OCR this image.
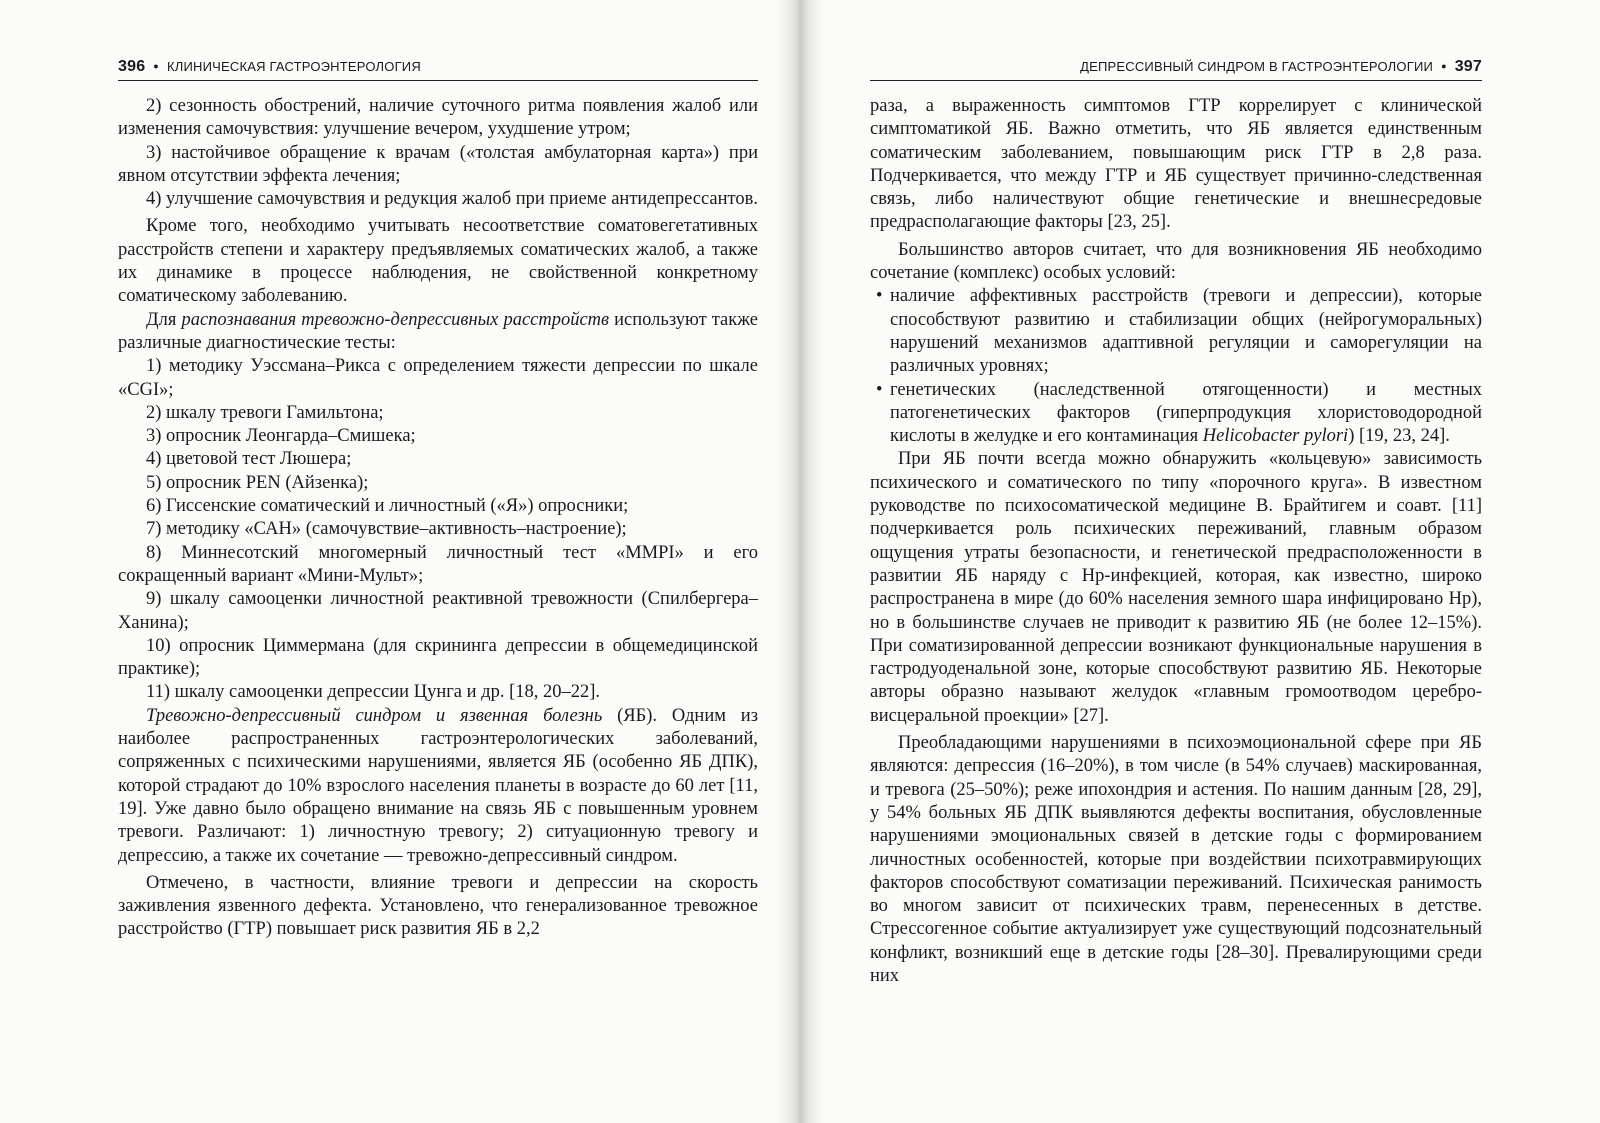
396 ● КЛИНИЧЕСКАЯ ГАСТРОЭНТЕРОЛОГИЯ

2) сезонность обострений, наличие суточного ритма появления жалоб или изменения самочувствия: улучшение вечером, ухудшение утром;

3) настойчивое обращение к врачам («толстая амбулаторная карта») при явном отсутствии эффекта лечения;

4) улучшение самочувствия и редукция жалоб при приеме антидепрессантов.

Кроме того, необходимо учитывать несоответствие соматовегетативных расстройств степени и характеру предъявляемых соматических жалоб, а также их динамике в процессе наблюдения, не свойственной конкретному соматическому заболеванию.

Для распознавания тревожно-депрессивных расстройств используют также различные диагностические тесты:

1) методику Уэссмана–Рикса с определением тяжести депрессии по шкале «CGI»;

2) шкалу тревоги Гамильтона;

3) опросник Леонгарда–Смишека;

4) цветовой тест Люшера;

5) опросник PEN (Айзенка);

6) Гиссенские соматический и личностный («Я») опросники;

7) методику «САН» (самочувствие–активность–настроение);

8) Миннесотский многомерный личностный тест «MMPI» и его сокращенный вариант «Мини-Мульт»;

9) шкалу самооценки личностной реактивной тревожности (Спилбергера–Ханина);

10) опросник Циммермана (для скрининга депрессии в общемедицинской практике);

11) шкалу самооценки депрессии Цунга и др. [18, 20–22].

Тревожно-депрессивный синдром и язвенная болезнь (ЯБ). Одним из наиболее распространенных гастроэнтерологических заболеваний, сопряженных с психическими нарушениями, является ЯБ (особенно ЯБ ДПК), которой страдают до 10% взрослого населения планеты в возрасте до 60 лет [11, 19]. Уже давно было обращено внимание на связь ЯБ с повышенным уровнем тревоги. Различают: 1) личностную тревогу; 2) ситуационную тревогу и депрессию, а также их сочетание — тревожно-депрессивный синдром.

Отмечено, в частности, влияние тревоги и депрессии на скорость заживления язвенного дефекта. Установлено, что генерализованное тревожное расстройство (ГТР) повышает риск развития ЯБ в 2,2

ДЕПРЕССИВНЫЙ СИНДРОМ В ГАСТРОЭНТЕРОЛОГИИ ● 397

раза, а выраженность симптомов ГТР коррелирует с клинической симптоматикой ЯБ. Важно отметить, что ЯБ является единственным соматическим заболеванием, повышающим риск ГТР в 2,8 раза. Подчеркивается, что между ГТР и ЯБ существует причинно-следственная связь, либо наличествуют общие генетические и внешнесредовые предрасполагающие факторы [23, 25].

Большинство авторов считает, что для возникновения ЯБ необходимо сочетание (комплекс) особых условий:

• наличие аффективных расстройств (тревоги и депрессии), которые способствуют развитию и стабилизации общих (нейрогуморальных) нарушений механизмов адаптивной регуляции и саморегуляции на различных уровнях;
• генетических (наследственной отягощенности) и местных патогенетических факторов (гиперпродукция хлористоводородной кислоты в желудке и его контаминация Helicobacter pylori) [19, 23, 24].

При ЯБ почти всегда можно обнаружить «кольцевую» зависимость психического и соматического по типу «порочного круга». В известном руководстве по психосоматической медицине В. Брайтигем и соавт. [11] подчеркивается роль психических переживаний, главным образом ощущения утраты безопасности, и генетической предрасположенности в развитии ЯБ наряду с Нр-инфекцией, которая, как известно, широко распространена в мире (до 60% населения земного шара инфицировано Нр), но в большинстве случаев не приводит к развитию ЯБ (не более 12–15%). При соматизированной депрессии возникают функциональные нарушения в гастродуоденальной зоне, которые способствуют развитию ЯБ. Некоторые авторы образно называют желудок «главным громоотводом церебро-висцеральной проекции» [27].

Преобладающими нарушениями в психоэмоциональной сфере при ЯБ являются: депрессия (16–20%), в том числе (в 54% случаев) маскированная, и тревога (25–50%); реже ипохондрия и астения. По нашим данным [28, 29], у 54% больных ЯБ ДПК выявляются дефекты воспитания, обусловленные нарушениями эмоциональных связей в детские годы с формированием личностных особенностей, которые при воздействии психотравмирующих факторов способствуют соматизации переживаний. Психическая ранимость во многом зависит от психических травм, перенесенных в детстве. Стрессогенное событие актуализирует уже существующий подсознательный конфликт, возникший еще в детские годы [28–30]. Превалирующими среди них
